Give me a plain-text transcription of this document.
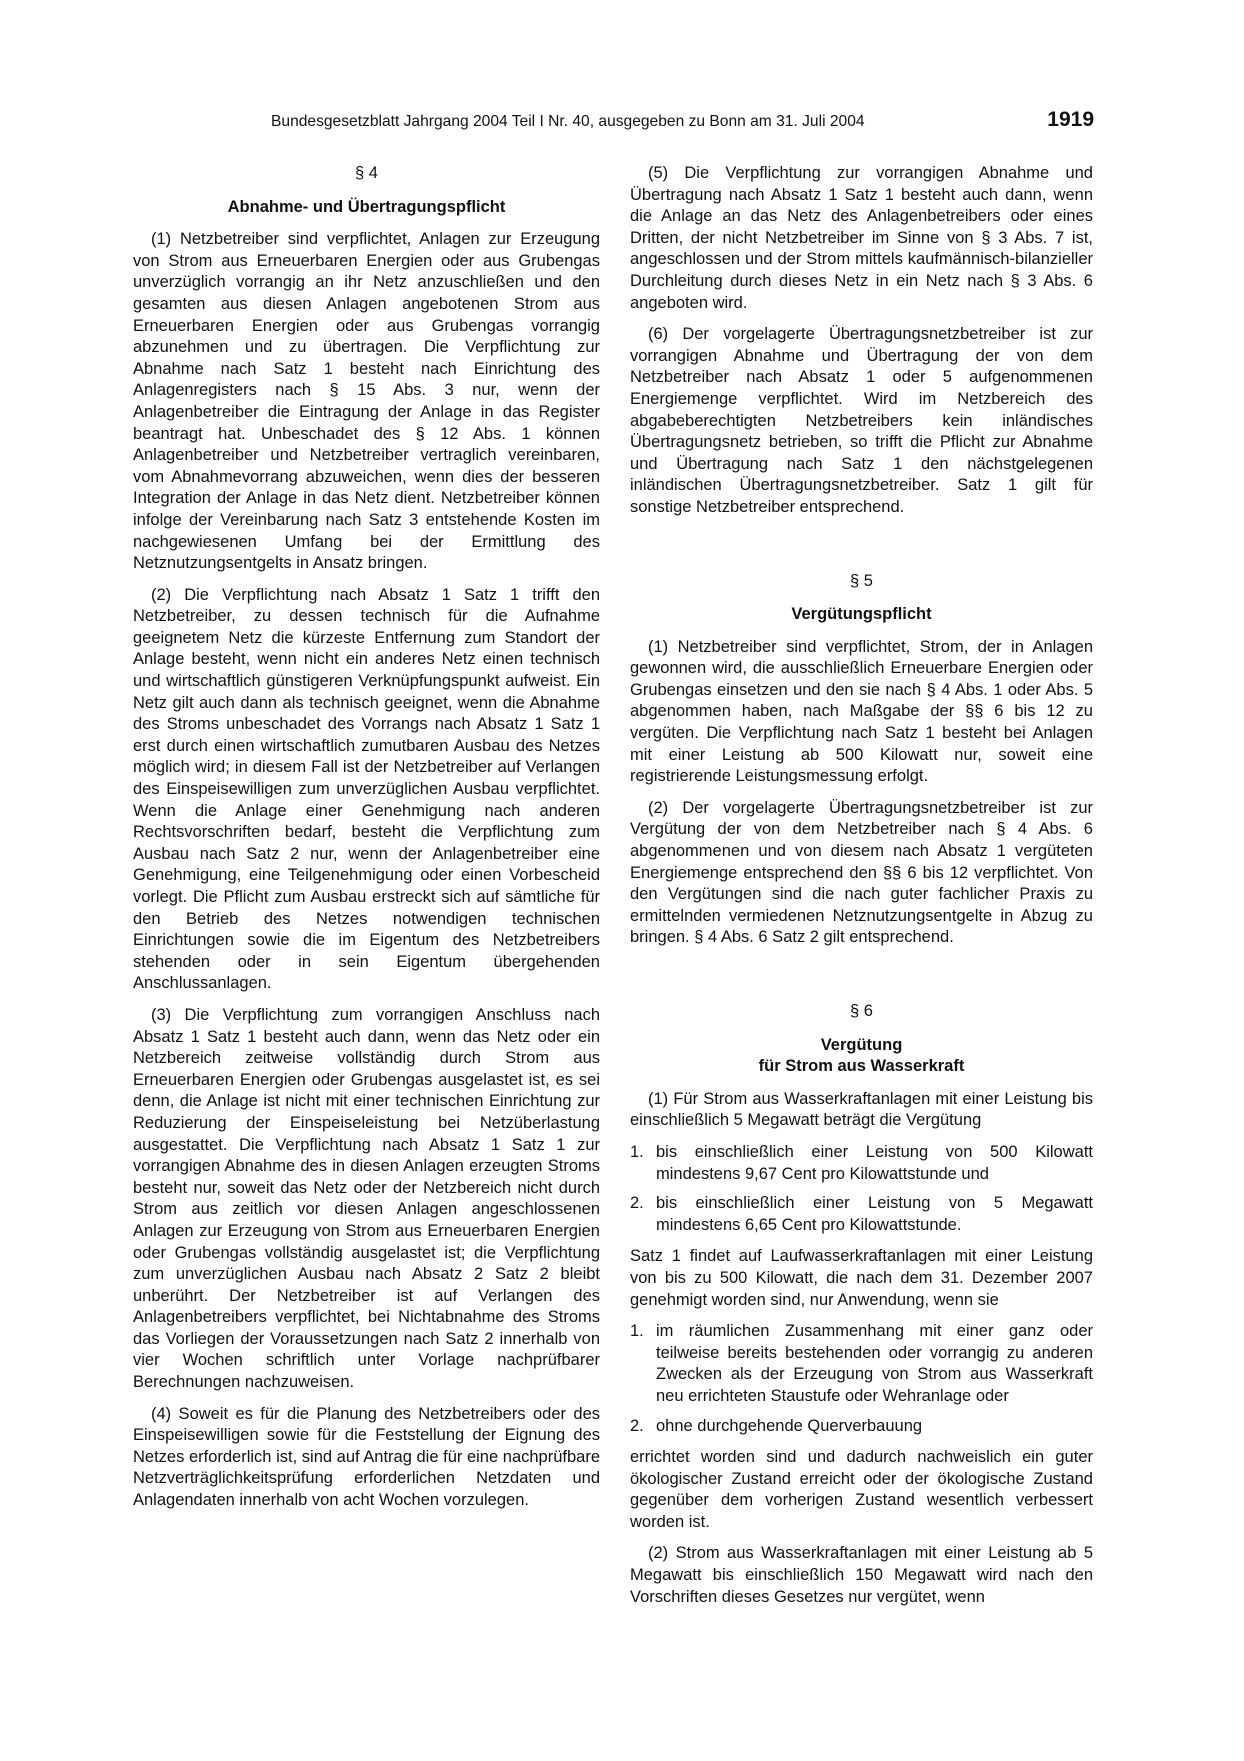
Bundesgesetzblatt Jahrgang 2004 Teil I Nr. 40, ausgegeben zu Bonn am 31. Juli 2004	1919
§ 4
Abnahme- und Übertragungspflicht

(1) Netzbetreiber sind verpflichtet, Anlagen zur Erzeugung von Strom aus Erneuerbaren Energien oder aus Grubengas unverzüglich vorrangig an ihr Netz anzuschließen und den gesamten aus diesen Anlagen angebotenen Strom aus Erneuerbaren Energien oder aus Grubengas vorrangig abzunehmen und zu übertragen. Die Verpflichtung zur Abnahme nach Satz 1 besteht nach Einrichtung des Anlagenregisters nach § 15 Abs. 3 nur, wenn der Anlagenbetreiber die Eintragung der Anlage in das Register beantragt hat. Unbeschadet des § 12 Abs. 1 können Anlagenbetreiber und Netzbetreiber vertraglich vereinbaren, vom Abnahmevorrang abzuweichen, wenn dies der besseren Integration der Anlage in das Netz dient. Netzbetreiber können infolge der Vereinbarung nach Satz 3 entstehende Kosten im nachgewiesenen Umfang bei der Ermittlung des Netznutzungsentgelts in Ansatz bringen.

(2) Die Verpflichtung nach Absatz 1 Satz 1 trifft den Netzbetreiber, zu dessen technisch für die Aufnahme geeignetem Netz die kürzeste Entfernung zum Standort der Anlage besteht, wenn nicht ein anderes Netz einen technisch und wirtschaftlich günstigeren Verknüpfungspunkt aufweist. Ein Netz gilt auch dann als technisch geeignet, wenn die Abnahme des Stroms unbeschadet des Vorrangs nach Absatz 1 Satz 1 erst durch einen wirtschaftlich zumutbaren Ausbau des Netzes möglich wird; in diesem Fall ist der Netzbetreiber auf Verlangen des Einspeisewilligen zum unverzüglichen Ausbau verpflichtet. Wenn die Anlage einer Genehmigung nach anderen Rechtsvorschriften bedarf, besteht die Verpflichtung zum Ausbau nach Satz 2 nur, wenn der Anlagenbetreiber eine Genehmigung, eine Teilgenehmigung oder einen Vorbescheid vorlegt. Die Pflicht zum Ausbau erstreckt sich auf sämtliche für den Betrieb des Netzes notwendigen technischen Einrichtungen sowie die im Eigentum des Netzbetreibers stehenden oder in sein Eigentum übergehenden Anschlussanlagen.

(3) Die Verpflichtung zum vorrangigen Anschluss nach Absatz 1 Satz 1 besteht auch dann, wenn das Netz oder ein Netzbereich zeitweise vollständig durch Strom aus Erneuerbaren Energien oder Grubengas ausgelastet ist, es sei denn, die Anlage ist nicht mit einer technischen Einrichtung zur Reduzierung der Einspeiseleistung bei Netzüberlastung ausgestattet. Die Verpflichtung nach Absatz 1 Satz 1 zur vorrangigen Abnahme des in diesen Anlagen erzeugten Stroms besteht nur, soweit das Netz oder der Netzbereich nicht durch Strom aus zeitlich vor diesen Anlagen angeschlossenen Anlagen zur Erzeugung von Strom aus Erneuerbaren Energien oder Grubengas vollständig ausgelastet ist; die Verpflichtung zum unverzüglichen Ausbau nach Absatz 2 Satz 2 bleibt unberührt. Der Netzbetreiber ist auf Verlangen des Anlagenbetreibers verpflichtet, bei Nichtabnahme des Stroms das Vorliegen der Voraussetzungen nach Satz 2 innerhalb von vier Wochen schriftlich unter Vorlage nachprüfbarer Berechnungen nachzuweisen.

(4) Soweit es für die Planung des Netzbetreibers oder des Einspeisewilligen sowie für die Feststellung der Eignung des Netzes erforderlich ist, sind auf Antrag die für eine nachprüfbare Netzverträglichkeitsprüfung erforderlichen Netzdaten und Anlagendaten innerhalb von acht Wochen vorzulegen.

(5) Die Verpflichtung zur vorrangigen Abnahme und Übertragung nach Absatz 1 Satz 1 besteht auch dann, wenn die Anlage an das Netz des Anlagenbetreibers oder eines Dritten, der nicht Netzbetreiber im Sinne von § 3 Abs. 7 ist, angeschlossen und der Strom mittels kaufmännisch-bilanzieller Durchleitung durch dieses Netz in ein Netz nach § 3 Abs. 6 angeboten wird.

(6) Der vorgelagerte Übertragungsnetzbetreiber ist zur vorrangigen Abnahme und Übertragung der von dem Netzbetreiber nach Absatz 1 oder 5 aufgenommenen Energiemenge verpflichtet. Wird im Netzbereich des abgabeberechtigten Netzbetreibers kein inländisches Übertragungsnetz betrieben, so trifft die Pflicht zur Abnahme und Übertragung nach Satz 1 den nächstgelegenen inländischen Übertragungsnetzbetreiber. Satz 1 gilt für sonstige Netzbetreiber entsprechend.

§ 5
Vergütungspflicht

(1) Netzbetreiber sind verpflichtet, Strom, der in Anlagen gewonnen wird, die ausschließlich Erneuerbare Energien oder Grubengas einsetzen und den sie nach § 4 Abs. 1 oder Abs. 5 abgenommen haben, nach Maßgabe der §§ 6 bis 12 zu vergüten. Die Verpflichtung nach Satz 1 besteht bei Anlagen mit einer Leistung ab 500 Kilowatt nur, soweit eine registrierende Leistungsmessung erfolgt.

(2) Der vorgelagerte Übertragungsnetzbetreiber ist zur Vergütung der von dem Netzbetreiber nach § 4 Abs. 6 abgenommenen und von diesem nach Absatz 1 vergüteten Energiemenge entsprechend den §§ 6 bis 12 verpflichtet. Von den Vergütungen sind die nach guter fachlicher Praxis zu ermittelnden vermiedenen Netznutzungsentgelte in Abzug zu bringen. § 4 Abs. 6 Satz 2 gilt entsprechend.

§ 6
Vergütung
für Strom aus Wasserkraft

(1) Für Strom aus Wasserkraftanlagen mit einer Leistung bis einschließlich 5 Megawatt beträgt die Vergütung

1. bis einschließlich einer Leistung von 500 Kilowatt mindestens 9,67 Cent pro Kilowattstunde und
2. bis einschließlich einer Leistung von 5 Megawatt mindestens 6,65 Cent pro Kilowattstunde.

Satz 1 findet auf Laufwasserkraftanlagen mit einer Leistung von bis zu 500 Kilowatt, die nach dem 31. Dezember 2007 genehmigt worden sind, nur Anwendung, wenn sie

1. im räumlichen Zusammenhang mit einer ganz oder teilweise bereits bestehenden oder vorrangig zu anderen Zwecken als der Erzeugung von Strom aus Wasserkraft neu errichteten Staustufe oder Wehranlage oder
2. ohne durchgehende Querverbauung

errichtet worden sind und dadurch nachweislich ein guter ökologischer Zustand erreicht oder der ökologische Zustand gegenüber dem vorherigen Zustand wesentlich verbessert worden ist.

(2) Strom aus Wasserkraftanlagen mit einer Leistung ab 5 Megawatt bis einschließlich 150 Megawatt wird nach den Vorschriften dieses Gesetzes nur vergütet, wenn
